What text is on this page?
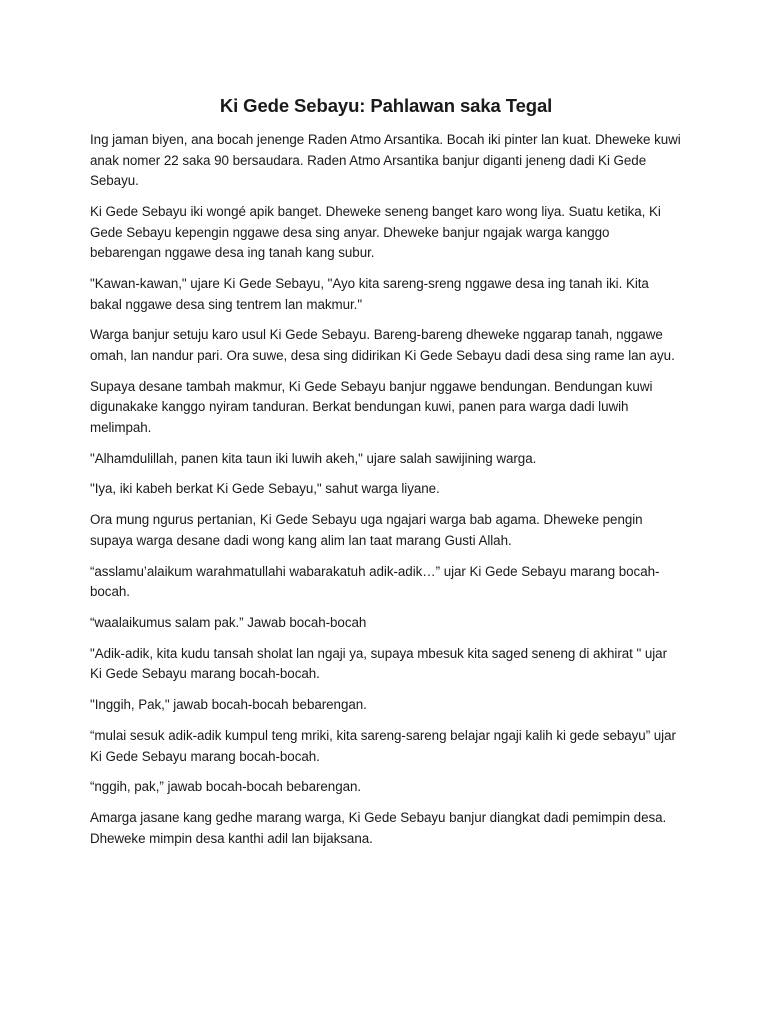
Ki Gede Sebayu: Pahlawan saka Tegal

Ing jaman biyen, ana bocah jenenge Raden Atmo Arsantika. Bocah iki pinter lan kuat. Dheweke kuwi anak nomer 22 saka 90 bersaudara. Raden Atmo Arsantika banjur diganti jeneng dadi Ki Gede Sebayu.

Ki Gede Sebayu iki wongé apik banget. Dheweke seneng banget karo wong liya. Suatu ketika, Ki Gede Sebayu kepengin nggawe desa sing anyar. Dheweke banjur ngajak warga kanggo bebarengan nggawe desa ing tanah kang subur.

"Kawan-kawan," ujare Ki Gede Sebayu, "Ayo kita sareng-sreng nggawe desa ing tanah iki. Kita bakal nggawe desa sing tentrem lan makmur."

Warga banjur setuju karo usul Ki Gede Sebayu. Bareng-bareng dheweke nggarap tanah, nggawe omah, lan nandur pari. Ora suwe, desa sing didirikan Ki Gede Sebayu dadi desa sing rame lan ayu.

Supaya desane tambah makmur, Ki Gede Sebayu banjur nggawe bendungan. Bendungan kuwi digunakake kanggo nyiram tanduran. Berkat bendungan kuwi, panen para warga dadi luwih melimpah.

"Alhamdulillah, panen kita taun iki luwih akeh," ujare salah sawijining warga.

"Iya, iki kabeh berkat Ki Gede Sebayu," sahut warga liyane.

Ora mung ngurus pertanian, Ki Gede Sebayu uga ngajari warga bab agama. Dheweke pengin supaya warga desane dadi wong kang alim lan taat marang Gusti Allah.

“asslamu’alaikum warahmatullahi wabarakatuh adik-adik…” ujar Ki Gede Sebayu marang bocah-bocah.

“waalaikumus salam pak.” Jawab bocah-bocah

"Adik-adik, kita kudu tansah sholat lan ngaji ya, supaya mbesuk kita saged seneng di akhirat " ujar Ki Gede Sebayu marang bocah-bocah.

"Inggih, Pak," jawab bocah-bocah bebarengan.

“mulai sesuk adik-adik kumpul teng mriki, kita sareng-sareng belajar ngaji kalih ki gede sebayu” ujar Ki Gede Sebayu marang bocah-bocah.

“nggih, pak,” jawab bocah-bocah bebarengan.

Amarga jasane kang gedhe marang warga, Ki Gede Sebayu banjur diangkat dadi pemimpin desa. Dheweke mimpin desa kanthi adil lan bijaksana.
